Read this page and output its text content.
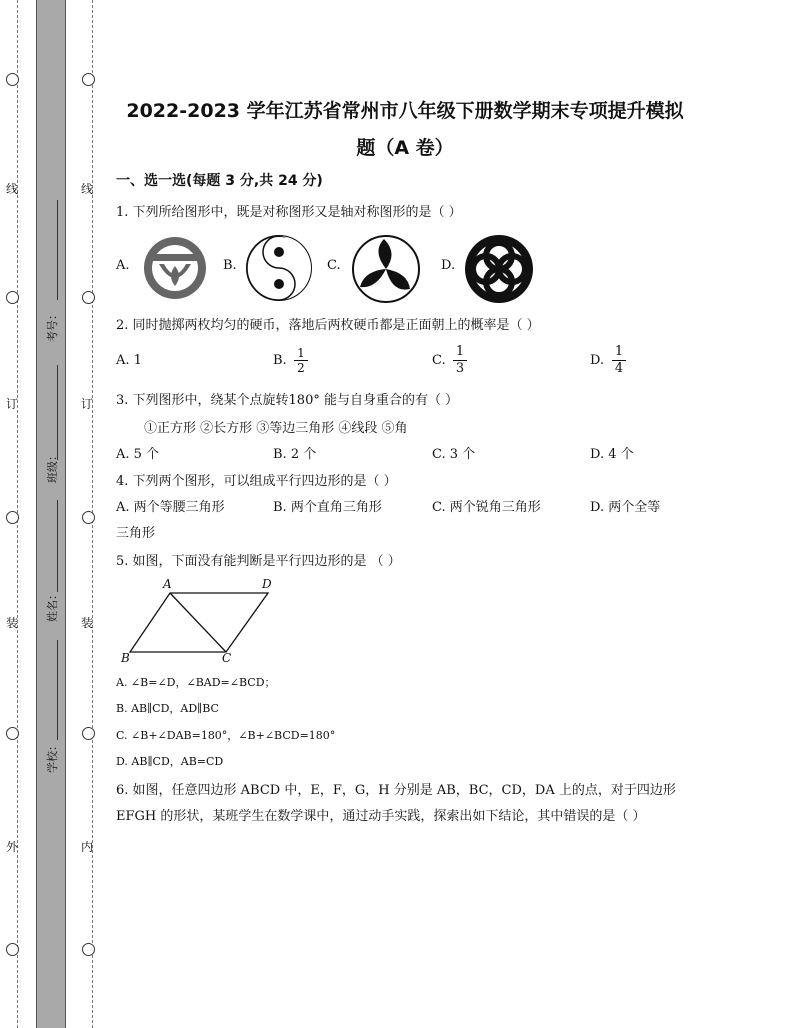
线
订
装
外
线
订
装
内
考号：
班级：
姓名：
学校：
2022-2023 学年江苏省常州市八年级下册数学期末专项提升模拟
题（A 卷）
一、选一选(每题 3 分,共 24 分)
1. 下列所给图形中，既是对称图形又是轴对称图形的是（ ）
A.	B.	C.	D.
2. 同时抛掷两枚均匀的硬币，落地后两枚硬币都是正面朝上的概率是（ ）
A. 1	B. $\frac{1}{2}$	C. $\frac{1}{3}$	D. $\frac{1}{4}$
3. 下列图形中，绕某个点旋转180° 能与自身重合的有（ ）
①正方形 ②长方形 ③等边三角形 ④线段 ⑤角
A. 5 个	B. 2 个	C. 3 个	D. 4 个
4. 下列两个图形，可以组成平行四边形的是（ ）
A. 两个等腰三角形	B. 两个直角三角形	C. 两个锐角三角形	D. 两个全等
三角形
5. 如图，下面没有能判断是平行四边形的是 （ ）
A	D
B	C
A. ∠B=∠D，∠BAD=∠BCD；
B. AB∥CD，AD∥BC
C. ∠B+∠DAB=180°，∠B+∠BCD=180°
D. AB∥CD，AB=CD
6. 如图，任意四边形 ABCD 中，E，F，G，H 分别是 AB，BC，CD，DA 上的点，对于四边形
EFGH 的形状，某班学生在数学课中，通过动手实践，探索出如下结论，其中错误的是（ ）
